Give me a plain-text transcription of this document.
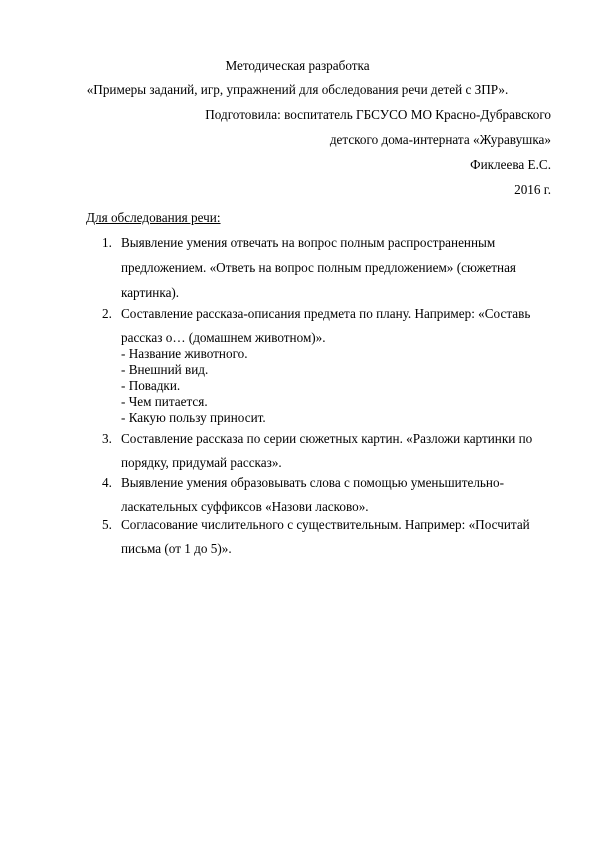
Методическая разработка
«Примеры заданий, игр, упражнений для обследования речи детей с ЗПР».
Подготовила: воспитатель ГБСУСО МО Красно-Дубравского
детского дома-интерната «Журавушка»
Фиклеева Е.С.
2016 г.
Для обследования речи:
1. Выявление умения отвечать на вопрос полным распространенным
предложением. «Ответь на вопрос полным предложением» (сюжетная
картинка).
2. Составление рассказа-описания предмета по плану. Например: «Составь
рассказ о… (домашнем животном)».
- Название животного.
- Внешний вид.
- Повадки.
- Чем питается.
- Какую пользу приносит.
3. Составление рассказа по серии сюжетных картин. «Разложи картинки по
порядку, придумай рассказ».
4. Выявление умения образовывать слова с помощью уменьшительно-
ласкательных суффиксов «Назови ласково».
5. Согласование числительного с существительным. Например: «Посчитай
письма (от 1 до 5)».
